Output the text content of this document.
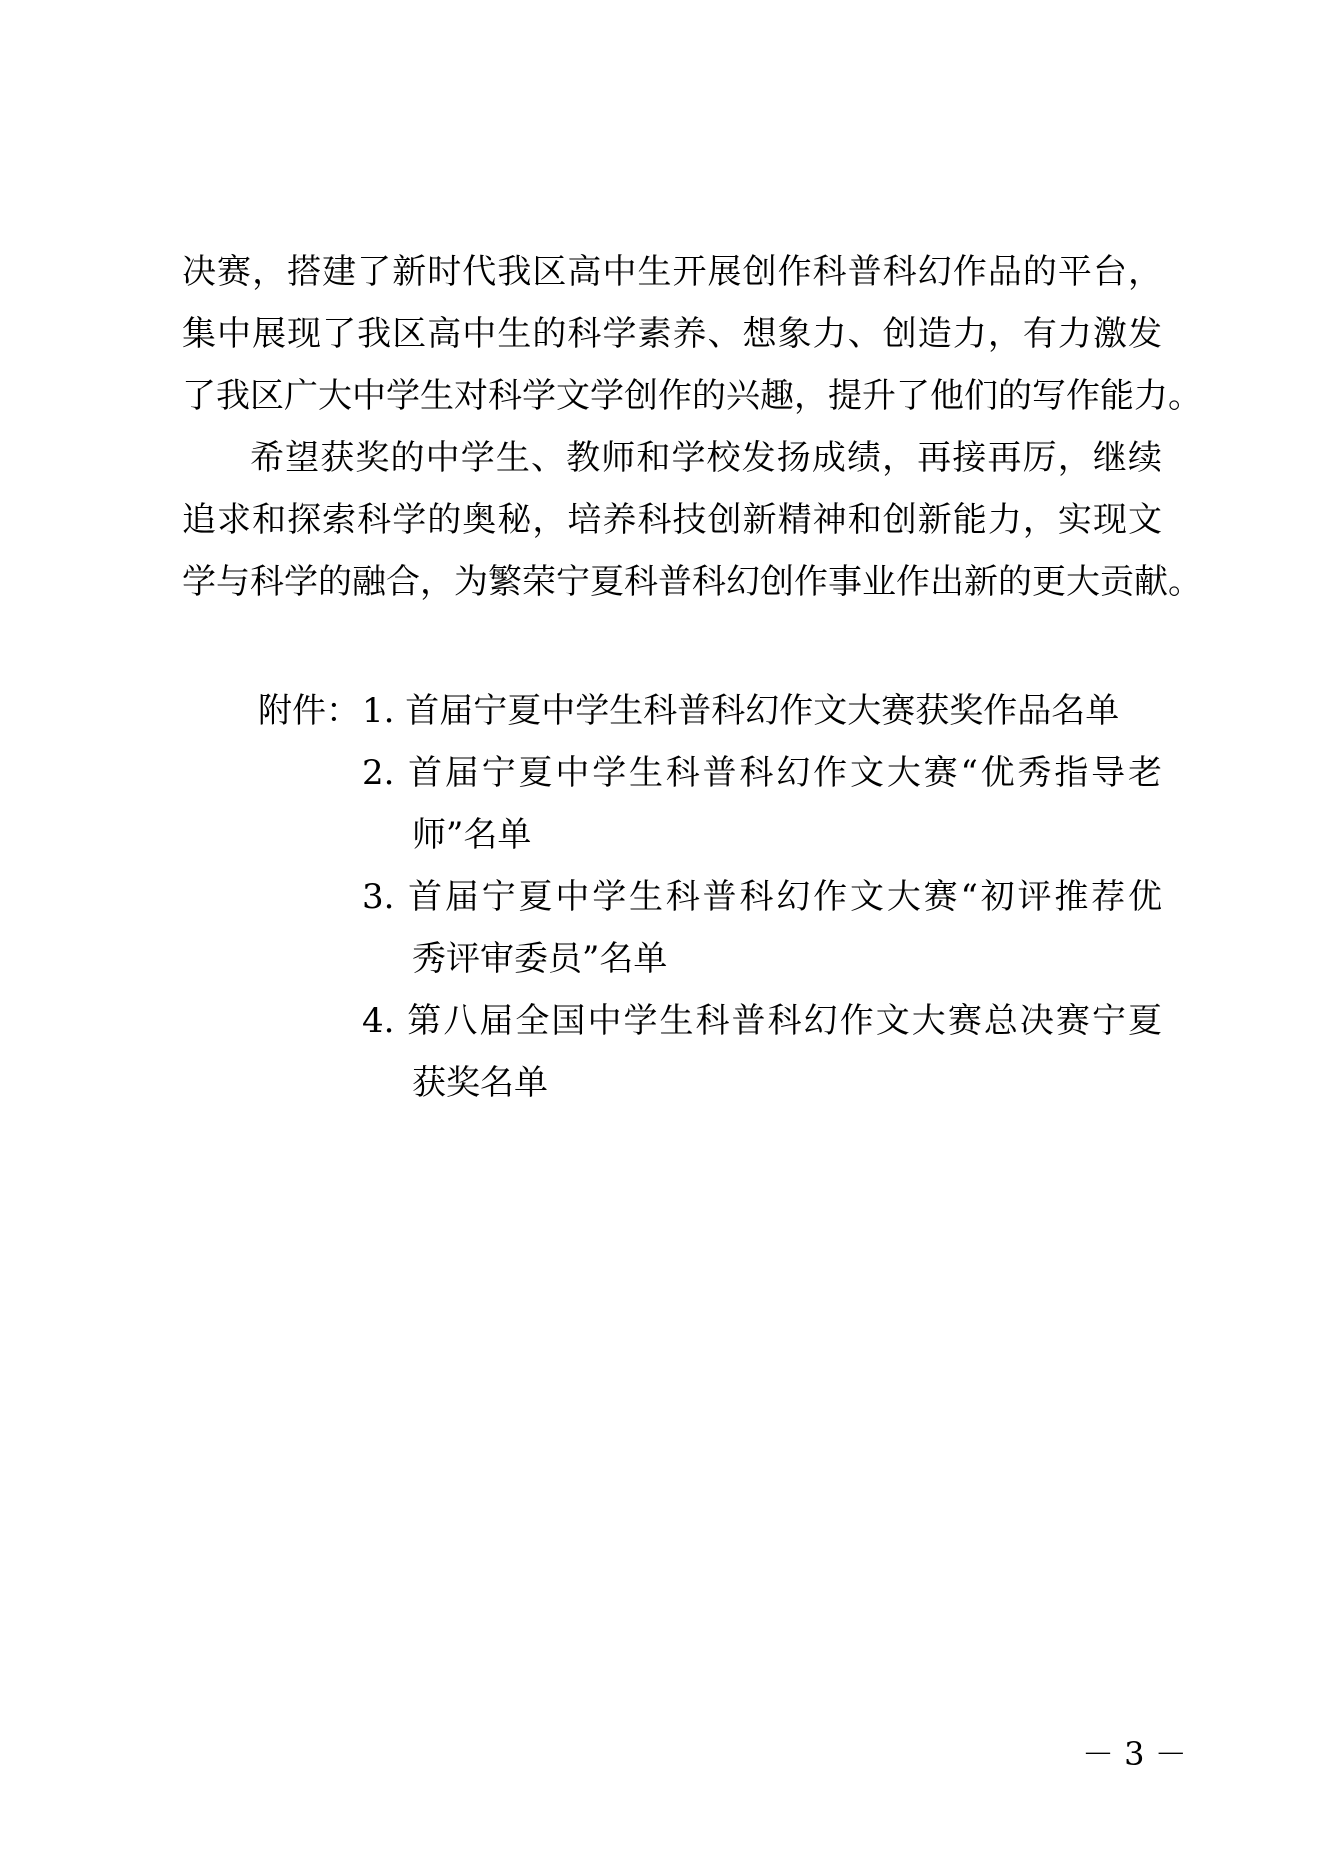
决赛，搭建了新时代我区高中生开展创作科普科幻作品的平台，
集中展现了我区高中生的科学素养、想象力、创造力，有力激发
了我区广大中学生对科学文学创作的兴趣，提升了他们的写作能力。
希望获奖的中学生、教师和学校发扬成绩，再接再厉，继续
追求和探索科学的奥秘，培养科技创新精神和创新能力，实现文
学与科学的融合，为繁荣宁夏科普科幻创作事业作出新的更大贡献。
附件： 1. 首届宁夏中学生科普科幻作文大赛获奖作品名单
2. 首届宁夏中学生科普科幻作文大赛“优秀指导老
师”名单
3. 首届宁夏中学生科普科幻作文大赛“初评推荐优
秀评审委员”名单
4. 第八届全国中学生科普科幻作文大赛总决赛宁夏
获奖名单
－ 3 －
